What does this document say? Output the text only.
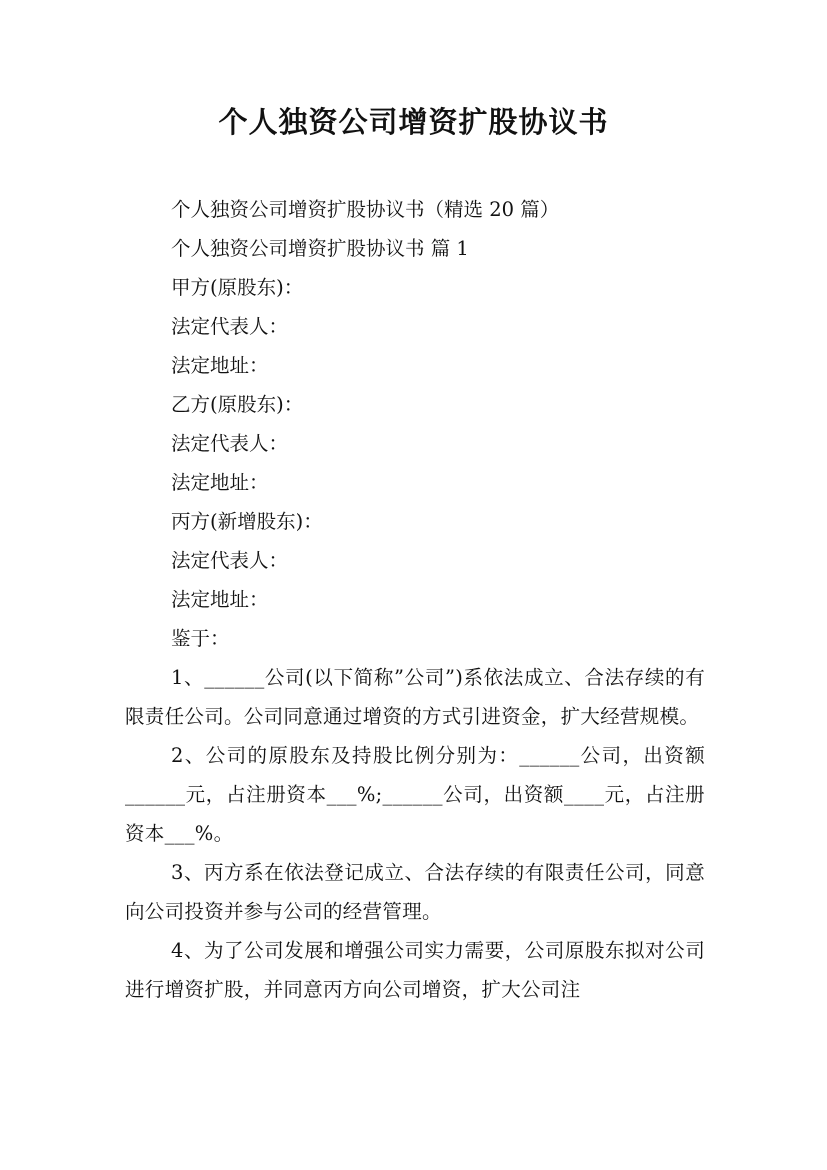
个人独资公司增资扩股协议书

个人独资公司增资扩股协议书（精选 20 篇）

个人独资公司增资扩股协议书 篇 1

甲方(原股东)：

法定代表人：

法定地址：

乙方(原股东)：

法定代表人：

法定地址：

丙方(新增股东)：

法定代表人：

法定地址：

鉴于：

1、______公司(以下简称”公司”)系依法成立、合法存续的有限责任公司。公司同意通过增资的方式引进资金，扩大经营规模。

2、公司的原股东及持股比例分别为：______公司，出资额______元，占注册资本___%;______公司，出资额____元，占注册资本___%。

3、丙方系在依法登记成立、合法存续的有限责任公司，同意向公司投资并参与公司的经营管理。

4、为了公司发展和增强公司实力需要，公司原股东拟对公司进行增资扩股，并同意丙方向公司增资，扩大公司注
